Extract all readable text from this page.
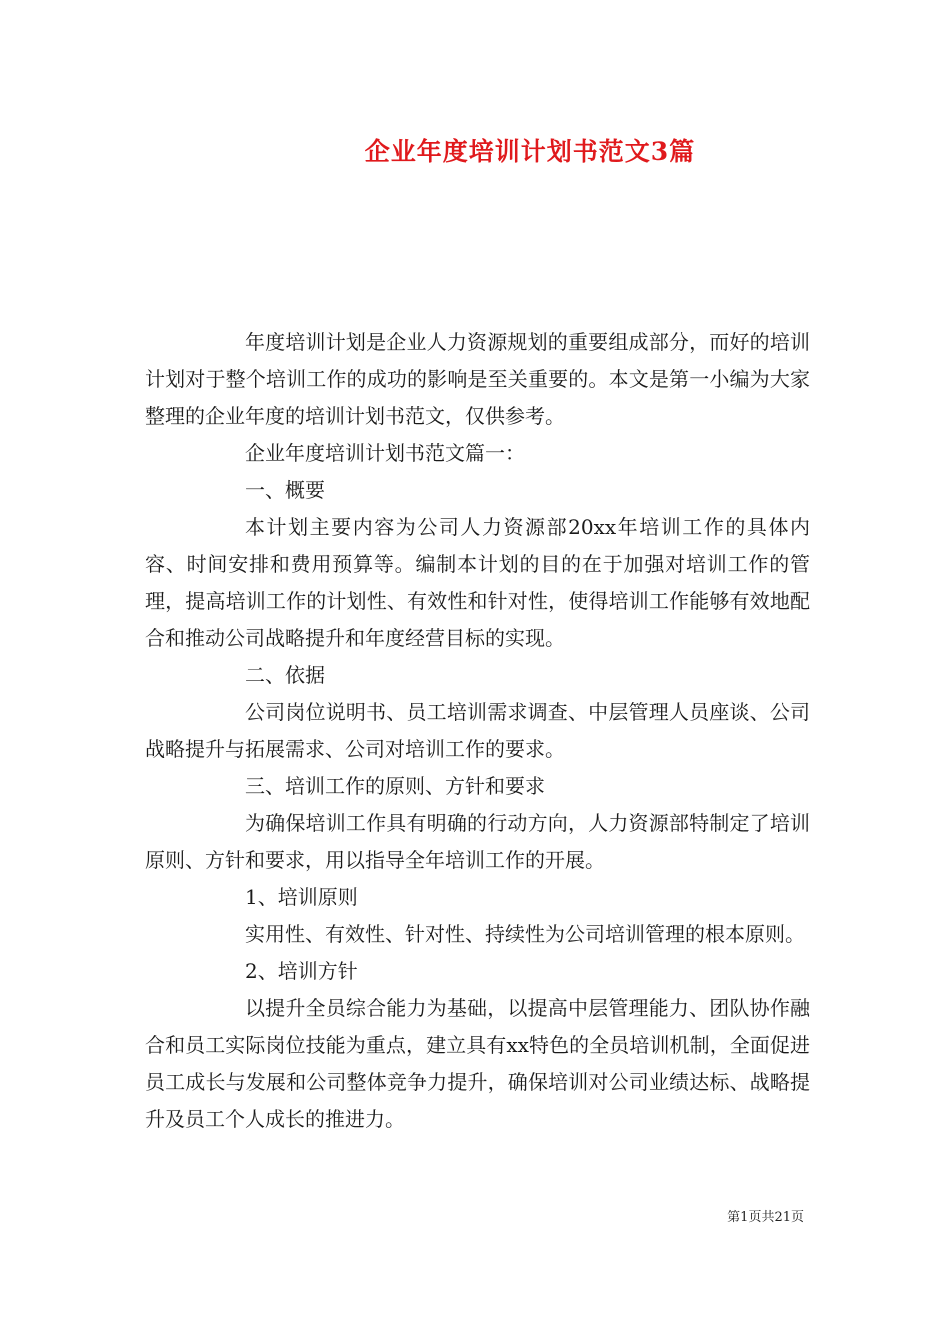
企业年度培训计划书范文3篇

年度培训计划是企业人力资源规划的重要组成部分，而好的培训计划对于整个培训工作的成功的影响是至关重要的。本文是第一小编为大家整理的企业年度的培训计划书范文，仅供参考。

企业年度培训计划书范文篇一：

一、概要

本计划主要内容为公司人力资源部20xx年培训工作的具体内容、时间安排和费用预算等。编制本计划的目的在于加强对培训工作的管理，提高培训工作的计划性、有效性和针对性，使得培训工作能够有效地配合和推动公司战略提升和年度经营目标的实现。

二、依据

公司岗位说明书、员工培训需求调查、中层管理人员座谈、公司战略提升与拓展需求、公司对培训工作的要求。

三、培训工作的原则、方针和要求

为确保培训工作具有明确的行动方向，人力资源部特制定了培训原则、方针和要求，用以指导全年培训工作的开展。

1、培训原则

实用性、有效性、针对性、持续性为公司培训管理的根本原则。

2、培训方针

以提升全员综合能力为基础，以提高中层管理能力、团队协作融合和员工实际岗位技能为重点，建立具有xx特色的全员培训机制，全面促进员工成长与发展和公司整体竞争力提升，确保培训对公司业绩达标、战略提升及员工个人成长的推进力。

第1页共21页
